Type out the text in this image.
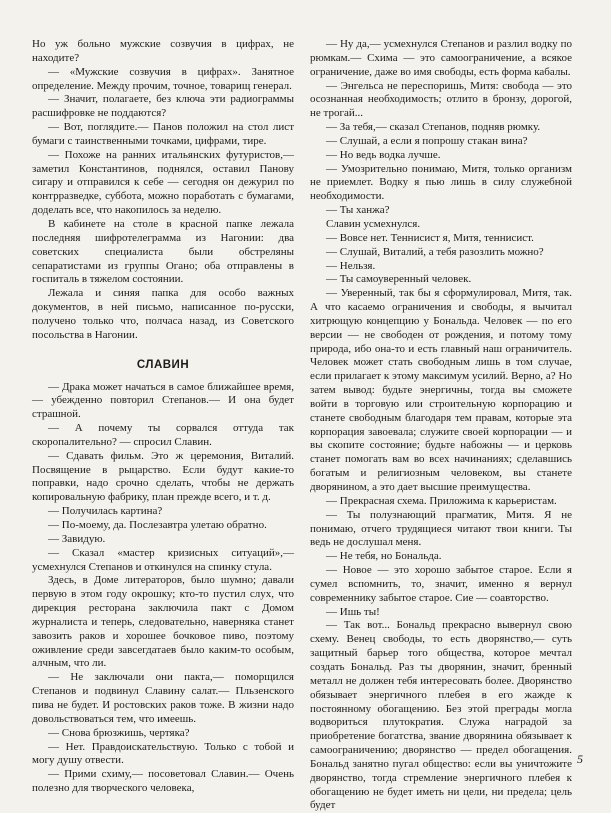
Но уж больно мужские созвучия в цифрах, не находите?

— «Мужские созвучия в цифрах». Занятное определение. Между прочим, точное, товарищ генерал.

— Значит, полагаете, без ключа эти радиограммы расшифровке не поддаются?

— Вот, поглядите.— Панов положил на стол лист бумаги с таинственными точками, цифрами, тире.

— Похоже на ранних итальянских футуристов,— заметил Константинов, поднялся, оставил Панову сигару и отправился к себе — сегодня он дежурил по контрразведке, суббота, можно поработать с бумагами, доделать все, что накопилось за неделю.

В кабинете на столе в красной папке лежала последняя шифротелеграмма из Нагонии: два советских специалиста были обстреляны сепаратистами из группы Огано; оба отправлены в госпиталь в тяжелом состоянии.

Лежала и синяя папка для особо важных документов, в ней письмо, написанное по-русски, получено только что, полчаса назад, из Советского посольства в Нагонии.

СЛАВИН

— Драка может начаться в самое ближайшее время,— убежденно повторил Степанов.— И она будет страшной.

— А почему ты сорвался оттуда так скоропалительно? — спросил Славин.

— Сдавать фильм. Это ж церемония, Виталий. Посвящение в рыцарство. Если будут какие-то поправки, надо срочно сделать, чтобы не держать копировальную фабрику, план прежде всего, и т. д.

— Получилась картина?

— По-моему, да. Послезавтра улетаю обратно.

— Завидую.

— Сказал «мастер кризисных ситуаций»,— усмехнулся Степанов и откинулся на спинку стула.

Здесь, в Доме литераторов, было шумно; давали первую в этом году окрошку; кто-то пустил слух, что дирекция ресторана заключила пакт с Домом журналиста и теперь, следовательно, наверняка станет завозить раков и хорошее бочковое пиво, поэтому оживление среди завсегдатаев было каким-то особым, алчным, что ли.

— Не заключали они пакта,— поморщился Степанов и подвинул Славину салат.— Пльзенского пива не будет. И ростовских раков тоже. В жизни надо довольствоваться тем, что имеешь.

— Снова брюзжишь, чертяка?

— Нет. Правдоискательствую. Только с тобой и могу душу отвести.

— Прими схиму,— посоветовал Славин.— Очень полезно для творческого человека,

— Ну да,— усмехнулся Степанов и разлил водку по рюмкам.— Схима — это самоограничение, а всякое ограничение, даже во имя свободы, есть форма кабалы.

— Энгельса не переспоришь, Митя: свобода — это осознанная необходимость; отлито в бронзу, дорогой, не трогай...

— За тебя,— сказал Степанов, подняв рюмку.

— Слушай, а если я попрошу стакан вина?

— Но ведь водка лучше.

— Умозрительно понимаю, Митя, только организм не приемлет. Водку я пью лишь в силу служебной необходимости.

— Ты ханжа?

Славин усмехнулся.

— Вовсе нет. Теннисист я, Митя, теннисист.

— Слушай, Виталий, а тебя разозлить можно?

— Нельзя.

— Ты самоуверенный человек.

— Уверенный, так бы я сформулировал, Митя, так. А что касаемо ограничения и свободы, я вычитал хитрющую концепцию у Бональда. Человек — по его версии — не свободен от рождения, и потому тому природа, ибо она-то и есть главный наш ограничитель. Человек может стать свободным лишь в том случае, если прилагает к этому максимум усилий. Верно, а? Но затем вывод: будьте энергичны, тогда вы сможете войти в торговую или строительную корпорацию и станете свободным благодаря тем правам, которые эта корпорация завоевала; служите своей корпорации — и вы скопите состояние; будьте набожны — и церковь станет помогать вам во всех начинаниях; сделавшись богатым и религиозным человеком, вы станете дворянином, а это дает высшие преимущества.

— Прекрасная схема. Приложима к карьеристам.

— Ты полузнающий прагматик, Митя. Я не понимаю, отчего трудящиеся читают твои книги. Ты ведь не дослушал меня.

— Не тебя, но Бональда.

— Новое — это хорошо забытое старое. Если я сумел вспомнить, то, значит, именно я вернул современнику забытое старое. Сие — соавторство.

— Ишь ты!

— Так вот... Бональд прекрасно вывернул свою схему. Венец свободы, то есть дворянство,— суть защитный барьер того общества, которое мечтал создать Бональд. Раз ты дворянин, значит, бренный металл не должен тебя интересовать более. Дворянство обязывает энергичного плебея в его жажде к постоянному обогащению. Без этой преграды могла водвориться плутократия. Служа наградой за приобретение богатства, звание дворянина обязывает к самоограничению; дворянство — предел обогащения. Бональд занятно пугал общество: если вы уничтожите дворянство, тогда стремление энергичного плебея к обогащению не будет иметь ни цели, ни предела; цель будет

5
